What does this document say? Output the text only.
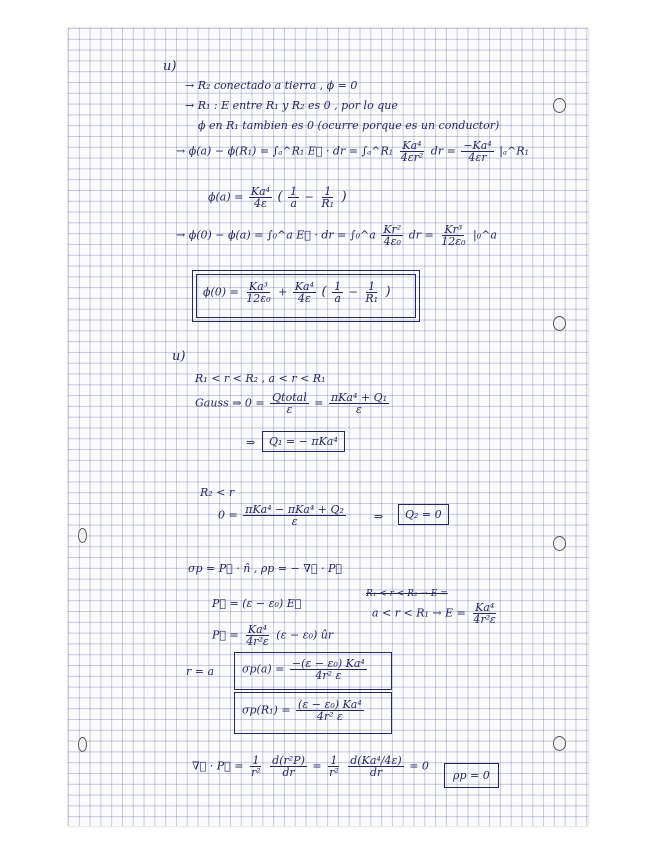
u)
→ R₂ conectado a tierra , ϕ = 0
→ R₁ : E entre R₁ y R₂ es 0 , por lo que
ϕ en R₁ tambien es 0 (ocurre porque es un conductor)
→ ϕ(a) − ϕ(R₁) = ∫ₐ^R₁ E⃗ · dr = ∫ₐ^R₁ $\frac{\text{Ka⁴}}{\text{4εr²}}$ dr = $\frac{\text{−Ka⁴}}{4\varepsilon r}$ |ₐ^R₁
$\phi(a) = \frac{\text{Ka⁴}}{4\varepsilon}$ ( $\frac{1}{a} - \frac{1}{\text{R₁}}$ )
→ ϕ(0) − ϕ(a) = ∫₀^a E⃗ · dr = ∫₀^a $\frac{\text{Kr²}}{\text{4ε₀}}$ dr = $\frac{\text{Kr³}}{\text{12ε₀}}$ |₀^a
$\phi(0) = \frac{\text{Ka³}}{\text{12ε₀}} + \frac{\text{Ka⁴}}{4\varepsilon}$ ( $\frac{1}{a} - \frac{1}{\text{R₁}}$ )
u)
R₁ < r < R₂ , a < r < R₁
Gauss ⇒ $0 = \frac{\text{Qtotal}}{\varepsilon} = \frac{\text{πKa⁴ + Q₁}}{\varepsilon}$
⇒	Q₁ = − πKa⁴
R₂ < r
$0 = \frac{\text{πKa⁴ − πKa⁴ + Q₂}}{\varepsilon}$	⇒	Q₂ = 0
σp = P⃗ · n̂ , ρp = − ∇⃗ · P⃗
P⃗ = (ε − ε₀) E⃗
R₁ < r < R₂ → E =
$a < r < R_1 \to E = \frac{\text{Ka⁴}}{\text{4r²ε}}$
P⃗ = $\frac{\text{Ka⁴}}{\text{4r²ε}} (\varepsilon - \varepsilon_0)$ ûr
r = a	$\sigma p(a) = \frac{\text{−(ε − ε₀) Ka⁴}}{\text{4r² ε}}$
$\sigma p(R_1) = \frac{\text{(ε − ε₀) Ka⁴}}{\text{4r² ε}}$
∇⃗ · P⃗ = $\frac{1}{\text{r²}}$
$\frac{\text{d(r²P)}}{dr} = \frac{1}{\text{r²}}$
$\frac{\text{d(Ka⁴/4ε)}}{dr} = 0$
ρp = 0
